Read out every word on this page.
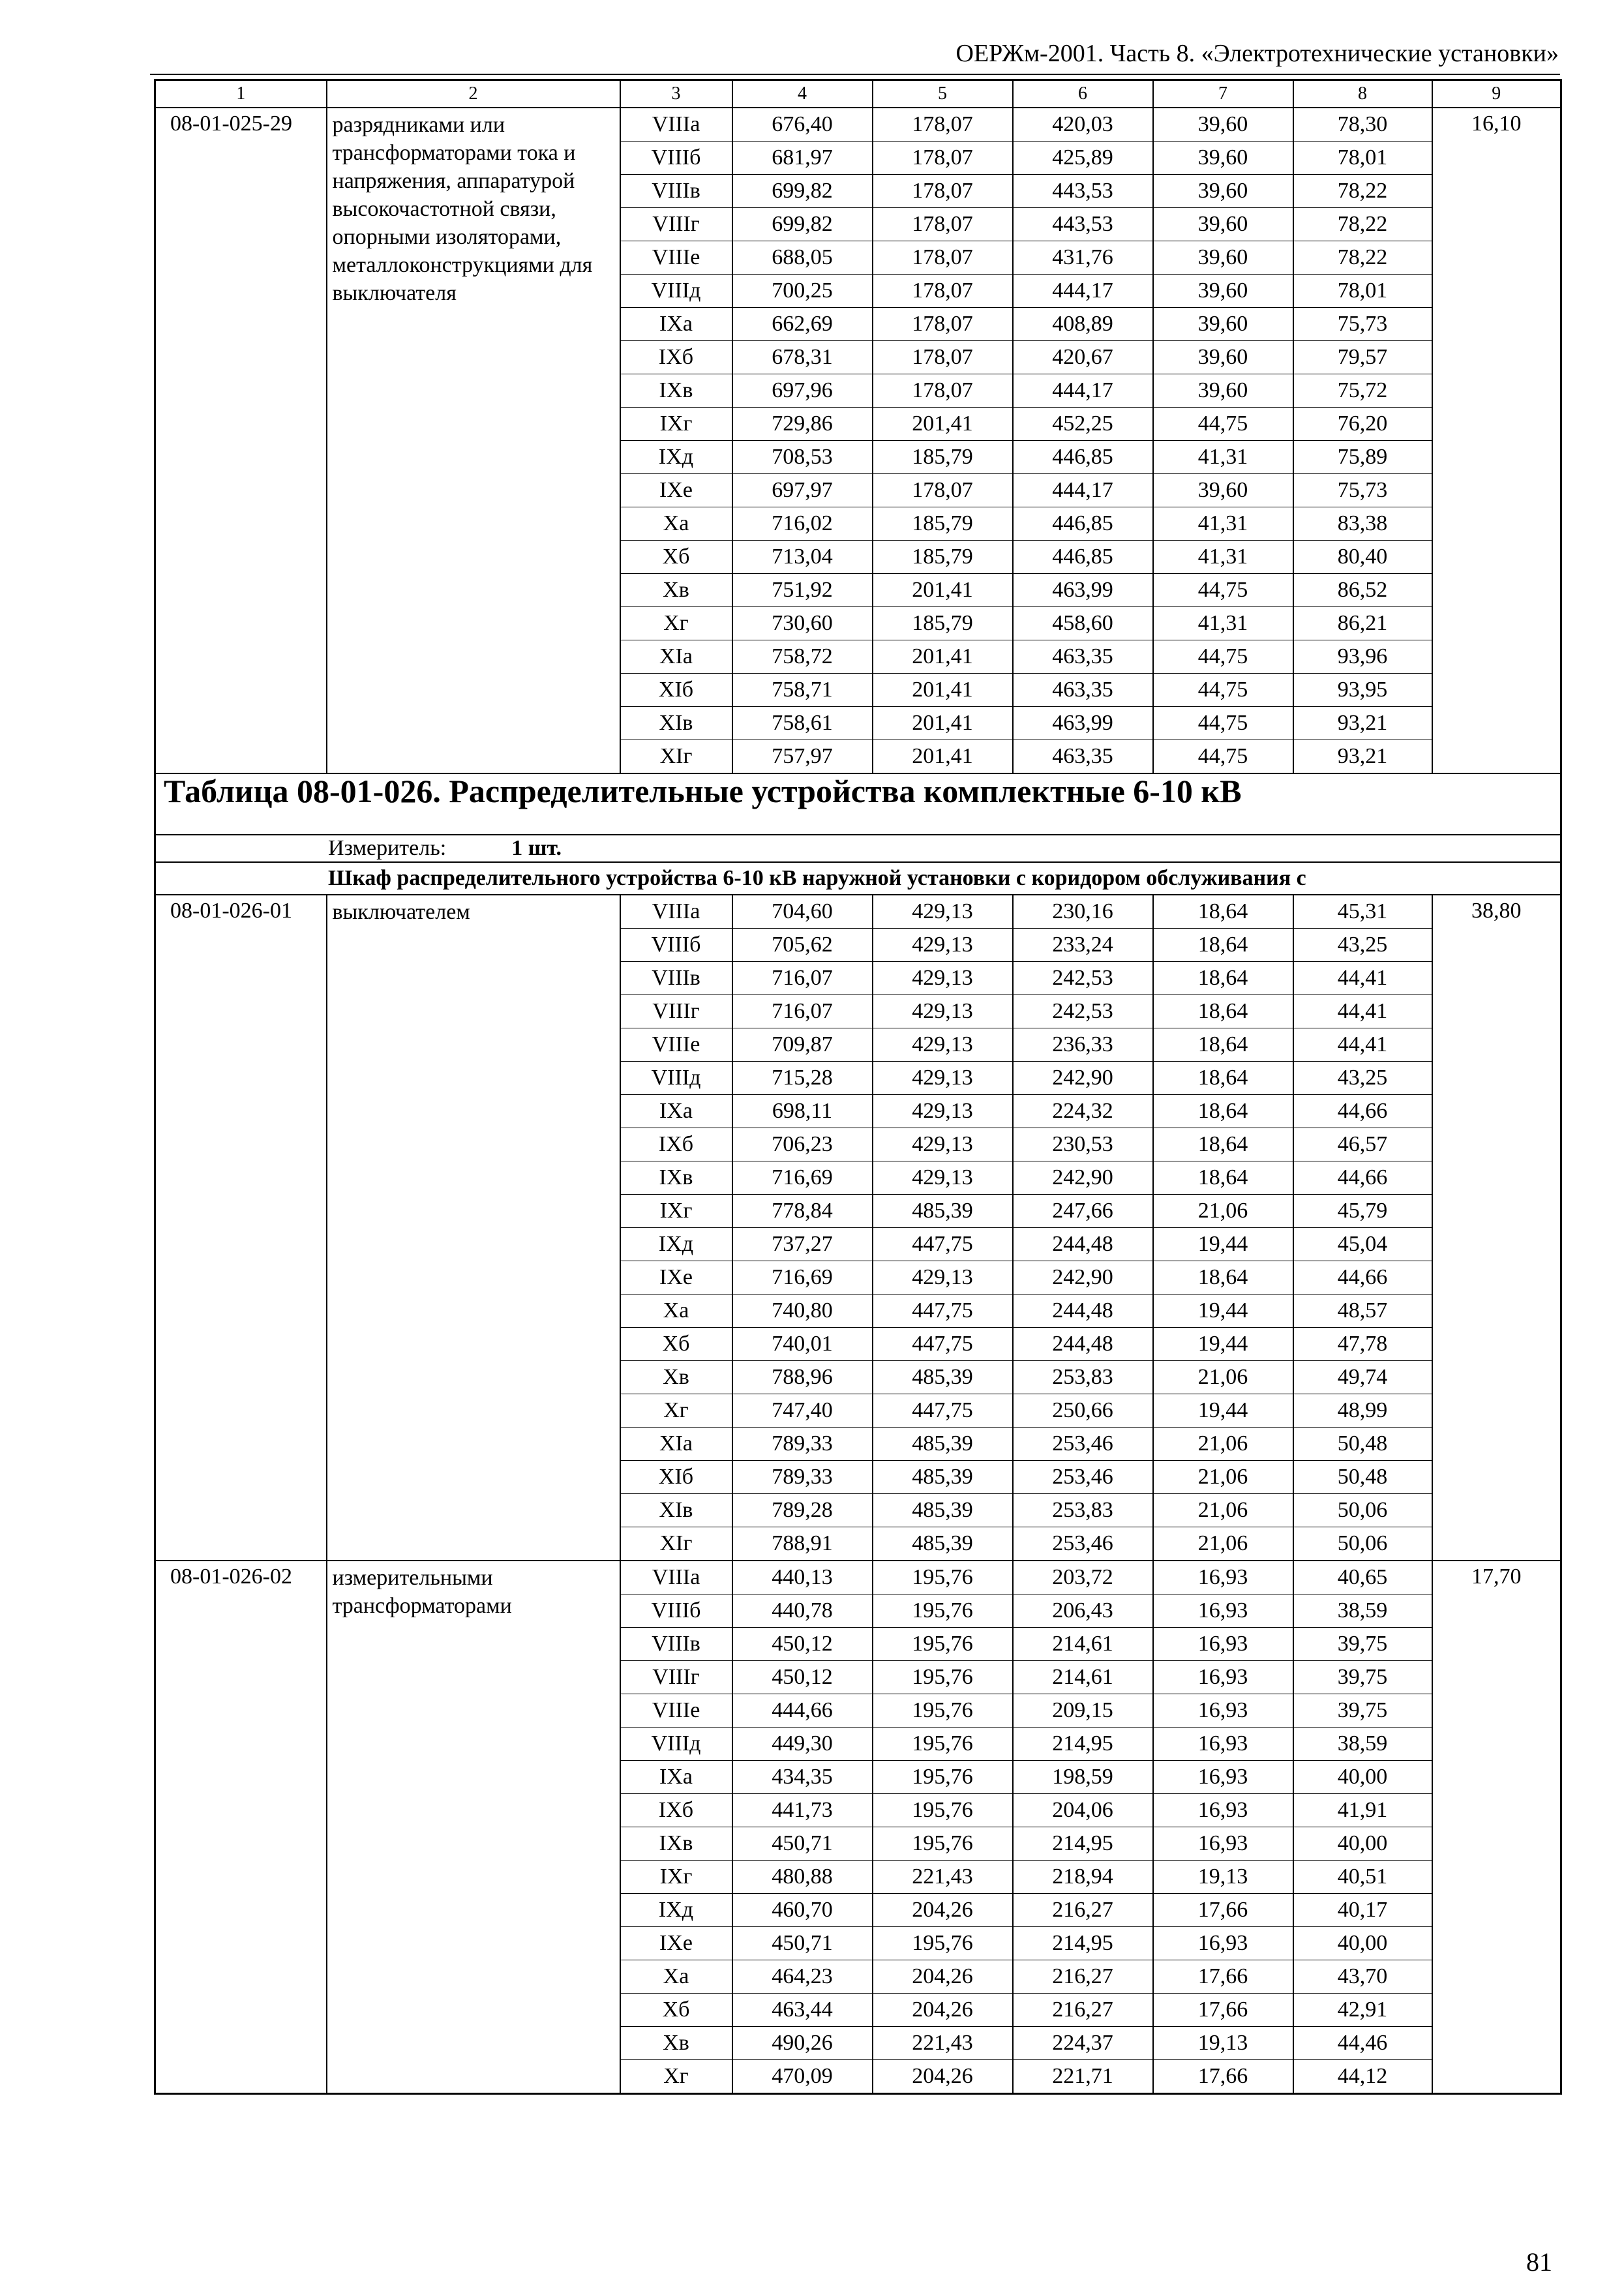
ОЕРЖм-2001. Часть 8. «Электротехнические установки»
1	2	3	4	5	6	7	8	9
08-01-025-29	разрядниками или трансформаторами тока и напряжения, аппаратурой высокочастотной связи, опорными изоляторами, металлоконструкциями для выключателя	VIIIa	676,40	178,07	420,03	39,60	78,30	16,10
		VIIIб	681,97	178,07	425,89	39,60	78,01	
		VIIIв	699,82	178,07	443,53	39,60	78,22	
		VIIIг	699,82	178,07	443,53	39,60	78,22	
		VIIIе	688,05	178,07	431,76	39,60	78,22	
		VIIIд	700,25	178,07	444,17	39,60	78,01	
		IXa	662,69	178,07	408,89	39,60	75,73	
		IXб	678,31	178,07	420,67	39,60	79,57	
		IXв	697,96	178,07	444,17	39,60	75,72	
		IXг	729,86	201,41	452,25	44,75	76,20	
		IXд	708,53	185,79	446,85	41,31	75,89	
		IXе	697,97	178,07	444,17	39,60	75,73	
		Xa	716,02	185,79	446,85	41,31	83,38	
		Xб	713,04	185,79	446,85	41,31	80,40	
		Xв	751,92	201,41	463,99	44,75	86,52	
		Xг	730,60	185,79	458,60	41,31	86,21	
		XIa	758,72	201,41	463,35	44,75	93,96	
		XIб	758,71	201,41	463,35	44,75	93,95	
		XIв	758,61	201,41	463,99	44,75	93,21	
		XIг	757,97	201,41	463,35	44,75	93,21	
Таблица 08-01-026. Распределительные устройства комплектные 6-10 кВ								
Измеритель: 1 шт.								
Шкаф распределительного устройства 6-10 кВ наружной установки с коридором обслуживания с								
08-01-026-01	выключателем	VIIIa	704,60	429,13	230,16	18,64	45,31	38,80
		VIIIб	705,62	429,13	233,24	18,64	43,25	
		VIIIв	716,07	429,13	242,53	18,64	44,41	
		VIIIг	716,07	429,13	242,53	18,64	44,41	
		VIIIе	709,87	429,13	236,33	18,64	44,41	
		VIIIд	715,28	429,13	242,90	18,64	43,25	
		IXa	698,11	429,13	224,32	18,64	44,66	
		IXб	706,23	429,13	230,53	18,64	46,57	
		IXв	716,69	429,13	242,90	18,64	44,66	
		IXг	778,84	485,39	247,66	21,06	45,79	
		IXд	737,27	447,75	244,48	19,44	45,04	
		IXе	716,69	429,13	242,90	18,64	44,66	
		Xa	740,80	447,75	244,48	19,44	48,57	
		Xб	740,01	447,75	244,48	19,44	47,78	
		Xв	788,96	485,39	253,83	21,06	49,74	
		Xг	747,40	447,75	250,66	19,44	48,99	
		XIa	789,33	485,39	253,46	21,06	50,48	
		XIб	789,33	485,39	253,46	21,06	50,48	
		XIв	789,28	485,39	253,83	21,06	50,06	
		XIг	788,91	485,39	253,46	21,06	50,06	
08-01-026-02	измерительными трансформаторами	VIIIa	440,13	195,76	203,72	16,93	40,65	17,70
		VIIIб	440,78	195,76	206,43	16,93	38,59	
		VIIIв	450,12	195,76	214,61	16,93	39,75	
		VIIIг	450,12	195,76	214,61	16,93	39,75	
		VIIIе	444,66	195,76	209,15	16,93	39,75	
		VIIIд	449,30	195,76	214,95	16,93	38,59	
		IXa	434,35	195,76	198,59	16,93	40,00	
		IXб	441,73	195,76	204,06	16,93	41,91	
		IXв	450,71	195,76	214,95	16,93	40,00	
		IXг	480,88	221,43	218,94	19,13	40,51	
		IXд	460,70	204,26	216,27	17,66	40,17	
		IXе	450,71	195,76	214,95	16,93	40,00	
		Xa	464,23	204,26	216,27	17,66	43,70	
		Xб	463,44	204,26	216,27	17,66	42,91	
		Xв	490,26	221,43	224,37	19,13	44,46	
		Xг	470,09	204,26	221,71	17,66	44,12	
81
